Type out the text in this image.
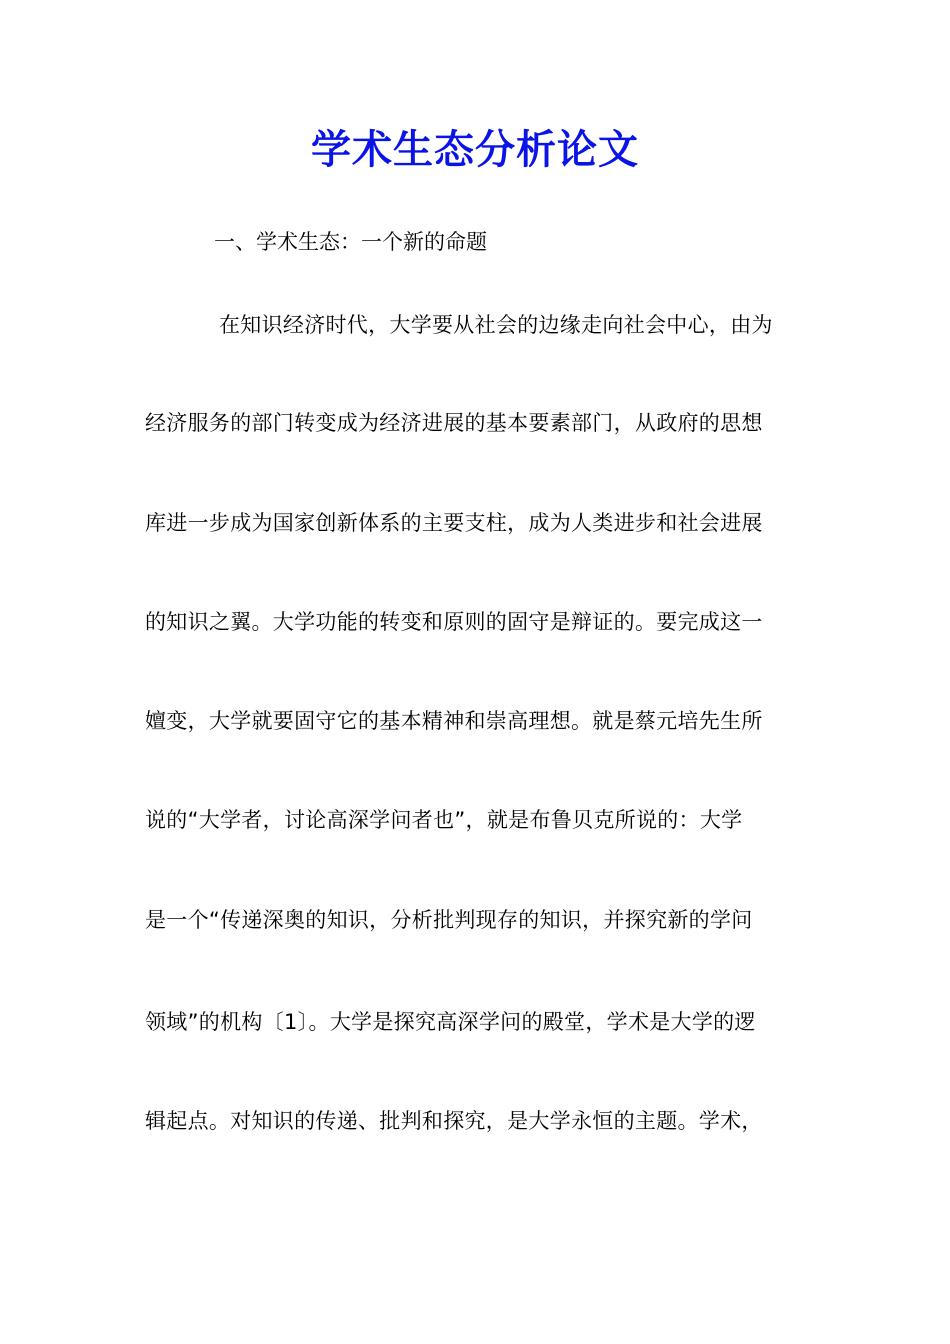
学术生态分析论文
一、学术生态：一个新的命题
在知识经济时代，大学要从社会的边缘走向社会中心，由为
经济服务的部门转变成为经济进展的基本要素部门，从政府的思想
库进一步成为国家创新体系的主要支柱，成为人类进步和社会进展
的知识之翼。大学功能的转变和原则的固守是辩证的。要完成这一
嬗变，大学就要固守它的基本精神和崇高理想。就是蔡元培先生所
说的“大学者，讨论高深学问者也”，就是布鲁贝克所说的：大学
是一个“传递深奥的知识，分析批判现存的知识，并探究新的学问
领域”的机构〔1〕。大学是探究高深学问的殿堂，学术是大学的逻
辑起点。对知识的传递、批判和探究，是大学永恒的主题。学术，
